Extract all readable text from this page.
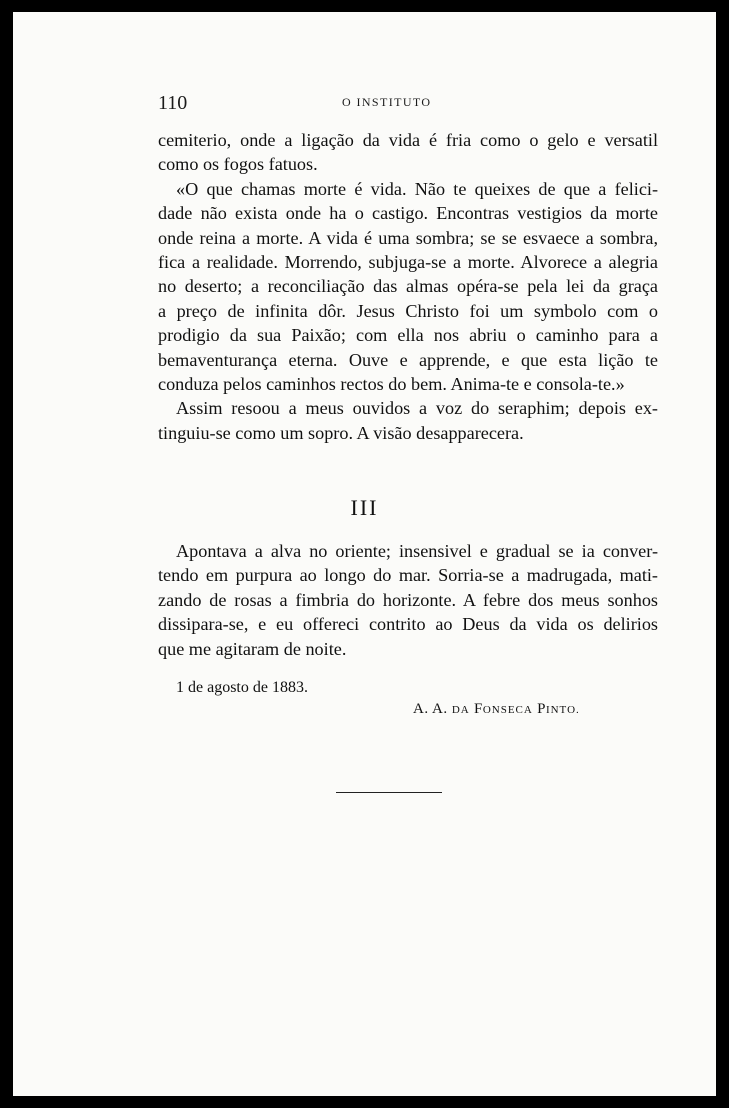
110	O INSTITUTO
cemiterio, onde a ligação da vida é fria como o gelo e versatil
como os fogos fatuos.
«O que chamas morte é vida. Não te queixes de que a felici-
dade não exista onde ha o castigo. Encontras vestigios da morte
onde reina a morte. A vida é uma sombra; se se esvaece a sombra,
fica a realidade. Morrendo, subjuga-se a morte. Alvorece a alegria
no deserto; a reconciliação das almas opéra-se pela lei da graça
a preço de infinita dôr. Jesus Christo foi um symbolo com o
prodigio da sua Paixão; com ella nos abriu o caminho para a
bemaventurança eterna. Ouve e apprende, e que esta lição te
conduza pelos caminhos rectos do bem. Anima-te e consola-te.»
Assim resoou a meus ouvidos a voz do seraphim; depois ex-
tinguiu-se como um sopro. A visão desapparecera.
III
Apontava a alva no oriente; insensivel e gradual se ia conver-
tendo em purpura ao longo do mar. Sorria-se a madrugada, mati-
zando de rosas a fimbria do horizonte. A febre dos meus sonhos
dissipara-se, e eu offereci contrito ao Deus da vida os delirios
que me agitaram de noite.
1 de agosto de 1883.
A. A. DA FONSECA PINTO.
